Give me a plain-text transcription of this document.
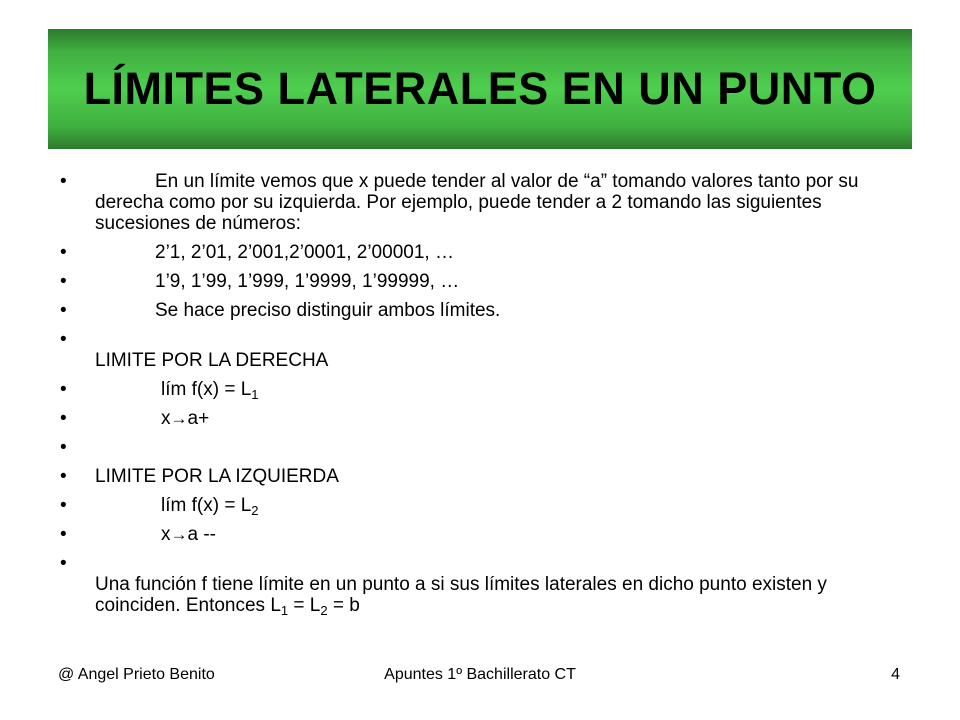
LÍMITES LATERALES EN UN PUNTO
•	En un límite vemos que x puede tender al valor de “a” tomando valores tanto por su derecha como por su izquierda. Por ejemplo, puede tender a 2 tomando las siguientes sucesiones de números:
•	2’1, 2’01, 2’001,2’0001, 2’00001, …
•	1’9, 1’99, 1’999, 1’9999, 1’99999, …
•	Se hace preciso distinguir ambos límites.
•
LIMITE POR LA DERECHA
•	lím $f(x) = L_1$
•	x→a+
•
• LIMITE POR LA IZQUIERDA
•	lím $f(x) = L_2$
•	x→a --
•
Una función f tiene límite en un punto a si sus límites laterales en dicho punto existen y coinciden. Entonces $L_1 = L_2 = b$
Apuntes 1º Bachillerato CT
@ Angel Prieto Benito	4
